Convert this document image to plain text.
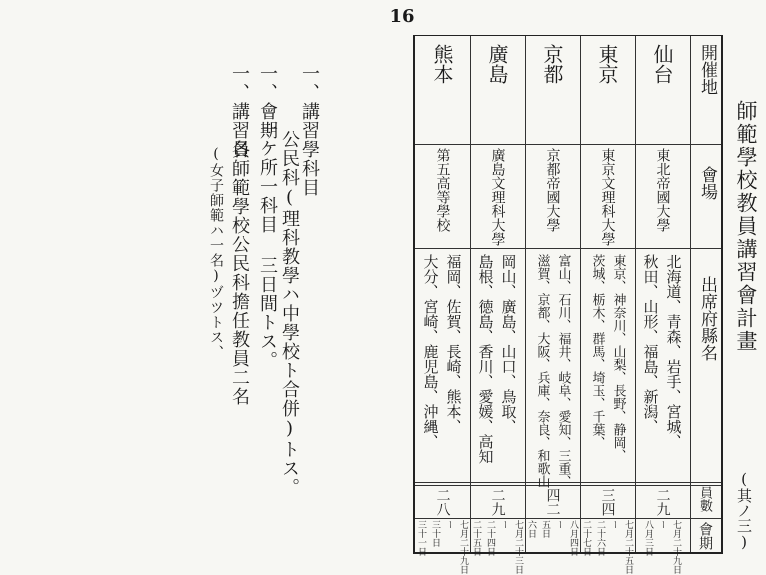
16
一、講習學科目
公民科(理科教學ハ中學校ト合併)トス。
一、會期
一ケ所一科目 三日間トス。
一、講習員
各師範學校公民科擔任教員二名
(女子師範ハ一名)ヅツトス、
熊本
第五高等學校
福岡、佐賀、長崎、熊本、
大分、宮崎、鹿児島、沖縄、
二八
七月二十九日
ー
三十日
三十一日
廣島
廣島文理科大學
岡山、廣島、山口、鳥取、
島根、徳島、香川、愛媛、高知
二九
七月二十三日
ー
二十四日
二十五日
京都
京都帝國大學
富山、石川、福井、岐阜、愛知、三重、
滋賀、京都、大阪、兵庫、奈良、和歌山
四二
八月四日
ー
五日
六日
東京
東京文理科大學
東京、神奈川、山梨、長野、静岡、
茨城、栃木、群馬、埼玉、千葉、
三四
七月二十五日
ー
二十六日
二十七日
仙台
東北帝國大學
北海道、青森、岩手、宮城、
秋田、山形、福島、新潟、
二九
七月二十九日
ー
八月三日
開催地
會場
出席府縣名
員數
會期
師範學校教員講習會計畫
(其ノ三)
